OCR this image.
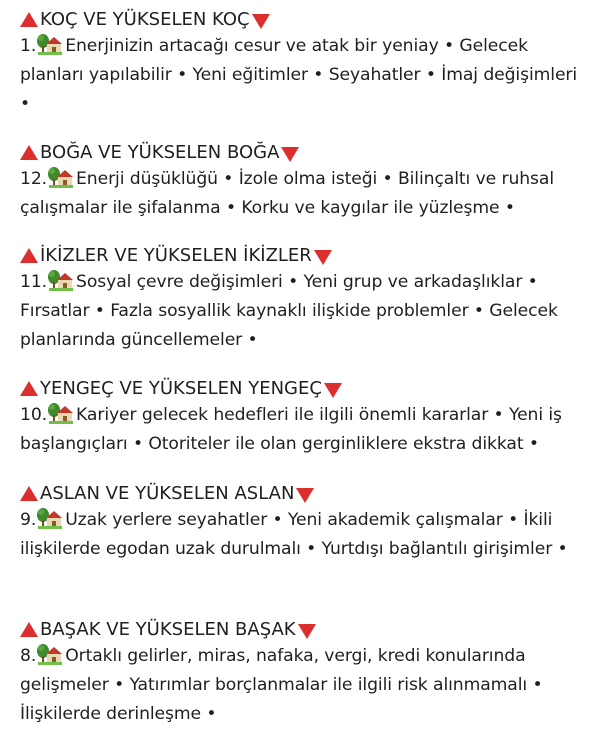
KOÇ VE YÜKSELEN KOÇ
1. Enerjinizin artacağı cesur ve atak bir yeniay • Gelecek planları yapılabilir • Yeni eğitimler • Seyahatler • İmaj değişimleri •
BOĞA VE YÜKSELEN BOĞA
12. Enerji düşüklüğü • İzole olma isteği • Bilinçaltı ve ruhsal çalışmalar ile şifalanma • Korku ve kaygılar ile yüzleşme •
İKİZLER VE YÜKSELEN İKİZLER
11. Sosyal çevre değişimleri • Yeni grup ve arkadaşlıklar • Fırsatlar • Fazla sosyallik kaynaklı ilişkide problemler • Gelecek planlarında güncellemeler •
YENGEÇ VE YÜKSELEN YENGEÇ
10. Kariyer gelecek hedefleri ile ilgili önemli kararlar • Yeni iş başlangıçları • Otoriteler ile olan gerginliklere ekstra dikkat •
ASLAN VE YÜKSELEN ASLAN
9. Uzak yerlere seyahatler • Yeni akademik çalışmalar • İkili ilişkilerde egodan uzak durulmalı • Yurtdışı bağlantılı girişimler •
BAŞAK VE YÜKSELEN BAŞAK
8. Ortaklı gelirler, miras, nafaka, vergi, kredi konularında gelişmeler • Yatırımlar borçlanmalar ile ilgili risk alınmamalı • İlişkilerde derinleşme •
